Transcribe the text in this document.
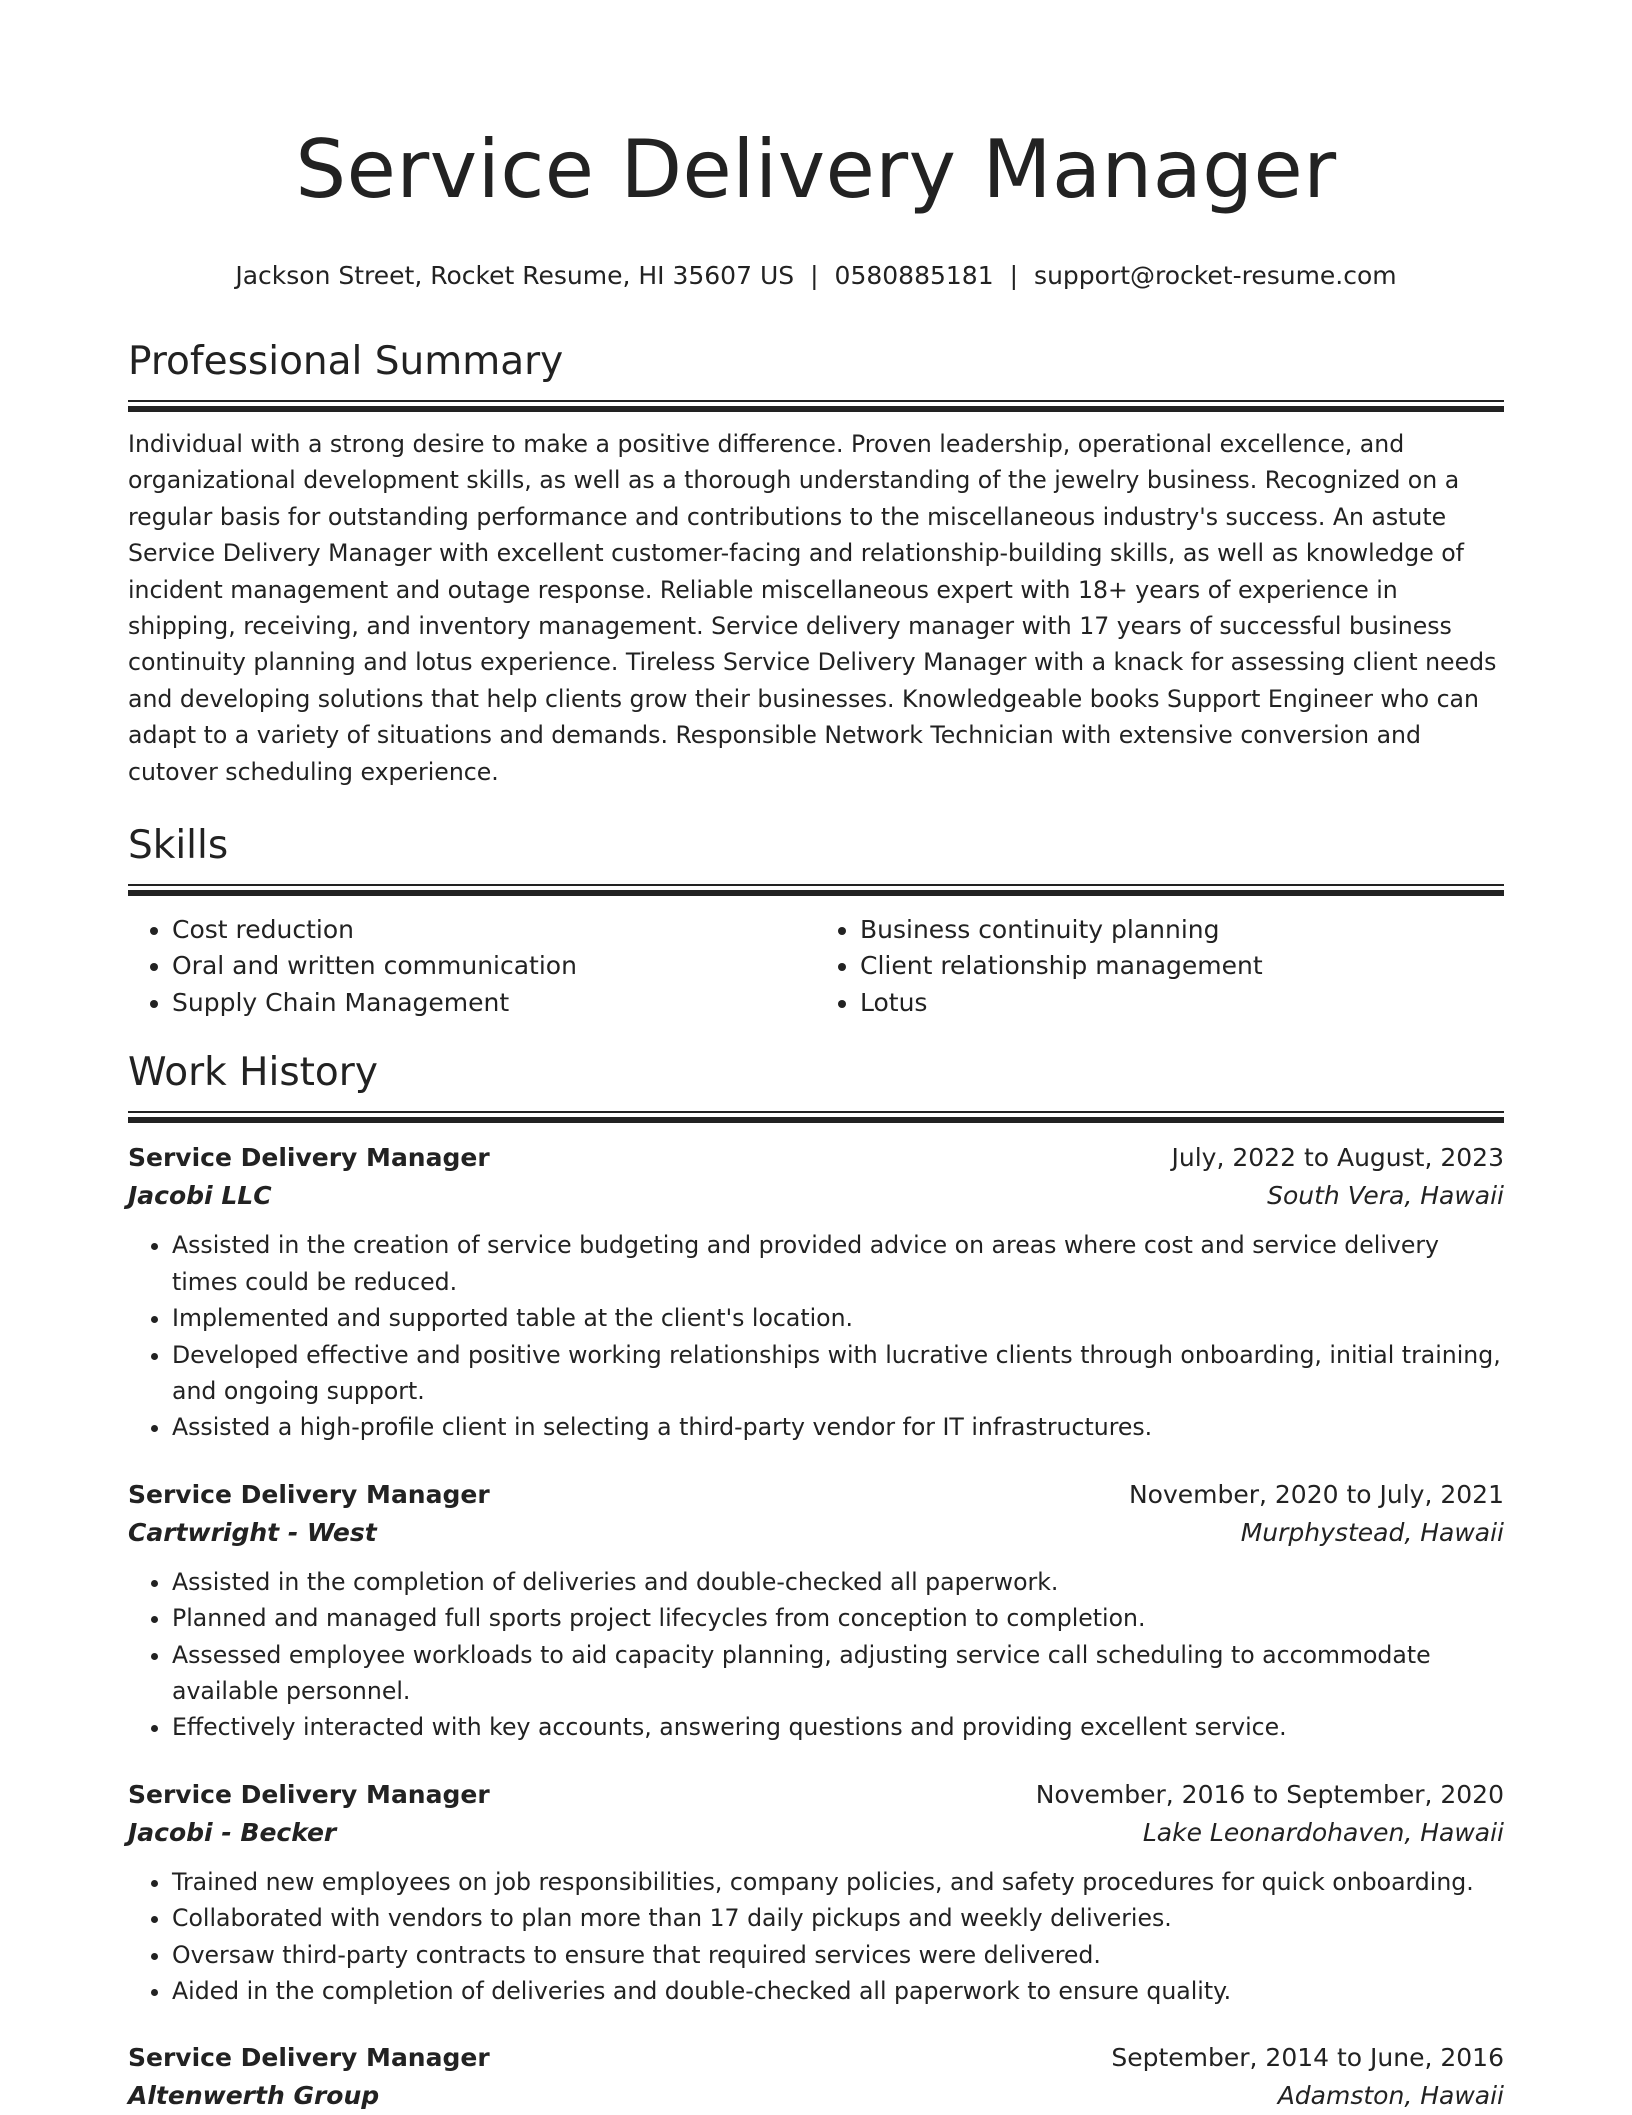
Service Delivery Manager
Jackson Street, Rocket Resume, HI 35607 US | 0580885181 | support@rocket-resume.com
Professional Summary
Individual with a strong desire to make a positive difference. Proven leadership, operational excellence, and organizational development skills, as well as a thorough understanding of the jewelry business. Recognized on a regular basis for outstanding performance and contributions to the miscellaneous industry's success. An astute Service Delivery Manager with excellent customer-facing and relationship-building skills, as well as knowledge of incident management and outage response. Reliable miscellaneous expert with 18+ years of experience in shipping, receiving, and inventory management. Service delivery manager with 17 years of successful business continuity planning and lotus experience. Tireless Service Delivery Manager with a knack for assessing client needs and developing solutions that help clients grow their businesses. Knowledgeable books Support Engineer who can adapt to a variety of situations and demands. Responsible Network Technician with extensive conversion and cutover scheduling experience.
Skills
• Cost reduction
• Oral and written communication
• Supply Chain Management
• Business continuity planning
• Client relationship management
• Lotus
Work History
Service Delivery Manager	July, 2022 to August, 2023
Jacobi LLC	South Vera, Hawaii
• Assisted in the creation of service budgeting and provided advice on areas where cost and service delivery times could be reduced.
• Implemented and supported table at the client's location.
• Developed effective and positive working relationships with lucrative clients through onboarding, initial training, and ongoing support.
• Assisted a high-profile client in selecting a third-party vendor for IT infrastructures.
Service Delivery Manager	November, 2020 to July, 2021
Cartwright - West	Murphystead, Hawaii
• Assisted in the completion of deliveries and double-checked all paperwork.
• Planned and managed full sports project lifecycles from conception to completion.
• Assessed employee workloads to aid capacity planning, adjusting service call scheduling to accommodate available personnel.
• Effectively interacted with key accounts, answering questions and providing excellent service.
Service Delivery Manager	November, 2016 to September, 2020
Jacobi - Becker	Lake Leonardohaven, Hawaii
• Trained new employees on job responsibilities, company policies, and safety procedures for quick onboarding.
• Collaborated with vendors to plan more than 17 daily pickups and weekly deliveries.
• Oversaw third-party contracts to ensure that required services were delivered.
• Aided in the completion of deliveries and double-checked all paperwork to ensure quality.
Service Delivery Manager	September, 2014 to June, 2016
Altenwerth Group	Adamston, Hawaii
